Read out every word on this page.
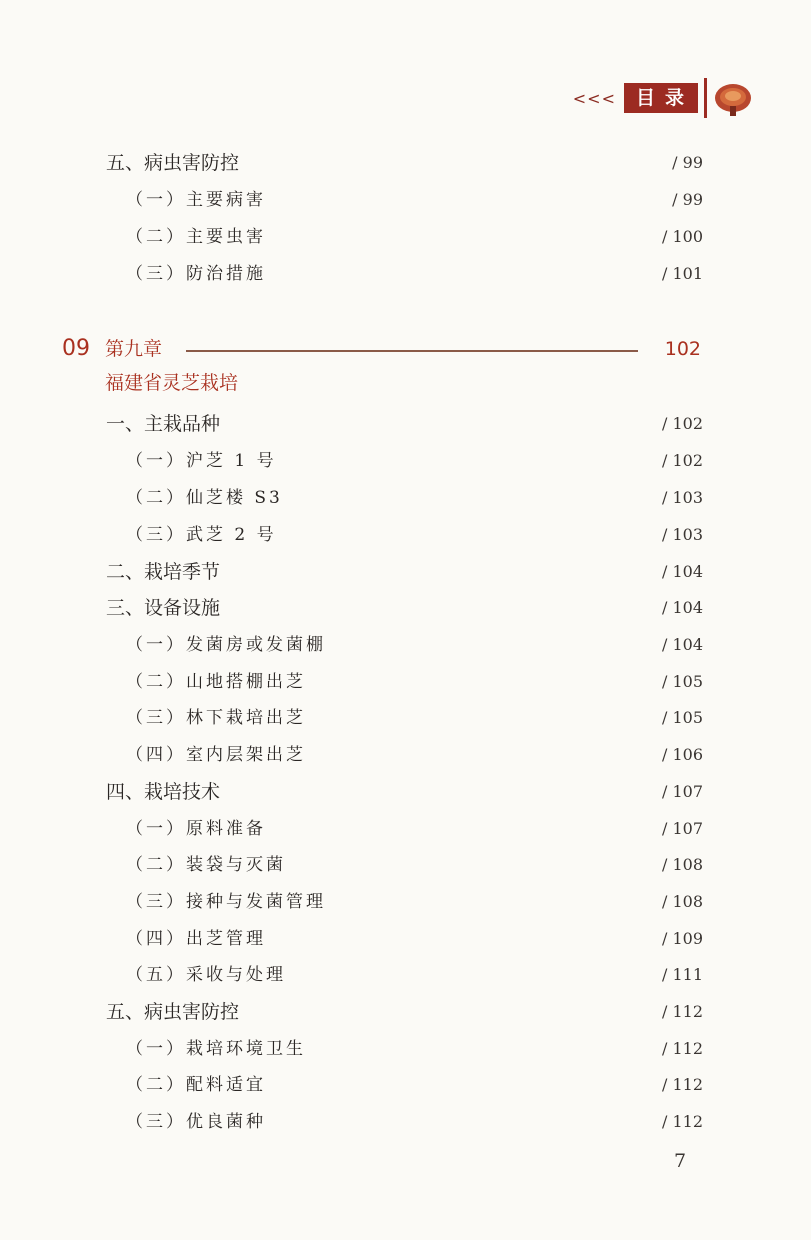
<<<	目录
五、病虫害防控	/ 99
（一）主要病害	/ 99
（二）主要虫害	/ 100
（三）防治措施	/ 101
09 第九章	102
福建省灵芝栽培
一、主栽品种	/ 102
（一）沪芝 1 号	/ 102
（二）仙芝楼 S3	/ 103
（三）武芝 2 号	/ 103
二、栽培季节	/ 104
三、设备设施	/ 104
（一）发菌房或发菌棚	/ 104
（二）山地搭棚出芝	/ 105
（三）林下栽培出芝	/ 105
（四）室内层架出芝	/ 106
四、栽培技术	/ 107
（一）原料准备	/ 107
（二）装袋与灭菌	/ 108
（三）接种与发菌管理	/ 108
（四）出芝管理	/ 109
（五）采收与处理	/ 111
五、病虫害防控	/ 112
（一）栽培环境卫生	/ 112
（二）配料适宜	/ 112
（三）优良菌种	/ 112
7
